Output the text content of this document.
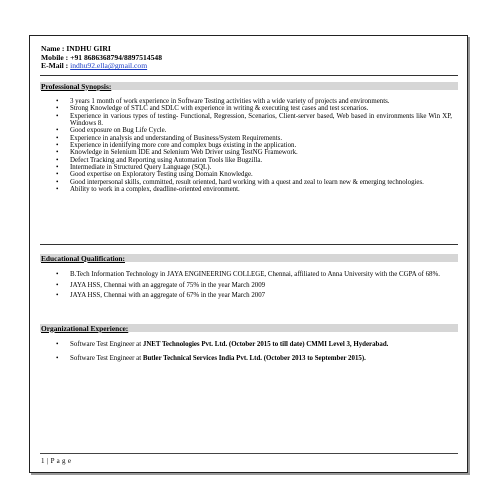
Name : INDHU GIRI
Mobile : +91 8686368794/8897514548
E-Mail : indhu92.ella@gmail.com
Professional Synopsis:
• 3 years 1 month of work experience in Software Testing activities with a wide variety of projects and environments.
• Strong Knowledge of STLC and SDLC with experience in writing & executing test cases and test scenarios.
• Experience in various types of testing- Functional, Regression, Scenarios, Client-server based, Web based in environments like Win XP, Windows 8.
• Good exposure on Bug Life Cycle.
• Experience in analysis and understanding of Business/System Requirements.
• Experience in identifying more core and complex bugs existing in the application.
• Knowledge in Selenium IDE and Selenium Web Driver using TestNG Framework.
• Defect Tracking and Reporting using Automation Tools like Bugzilla.
• Intermediate in Structured Query Language (SQL).
• Good expertise on Exploratory Testing using Domain Knowledge.
• Good interpersonal skills, committed, result oriented, hard working with a quest and zeal to learn new & emerging technologies.
• Ability to work in a complex, deadline-oriented environment.
Educational Qualification:
• B.Tech Information Technology in JAYA ENGINEERING COLLEGE, Chennai, affiliated to Anna University with the CGPA of 68%.
• JAYA HSS, Chennai with an aggregate of 75% in the year March 2009
• JAYA HSS, Chennai with an aggregate of 67% in the year March 2007
Organizational Experience:
• Software Test Engineer at JNET Technologies Pvt. Ltd. (October 2015 to till date) CMMI Level 3, Hyderabad.
• Software Test Engineer at Butler Technical Services India Pvt. Ltd. (October 2013 to September 2015).
1 | P a g e
